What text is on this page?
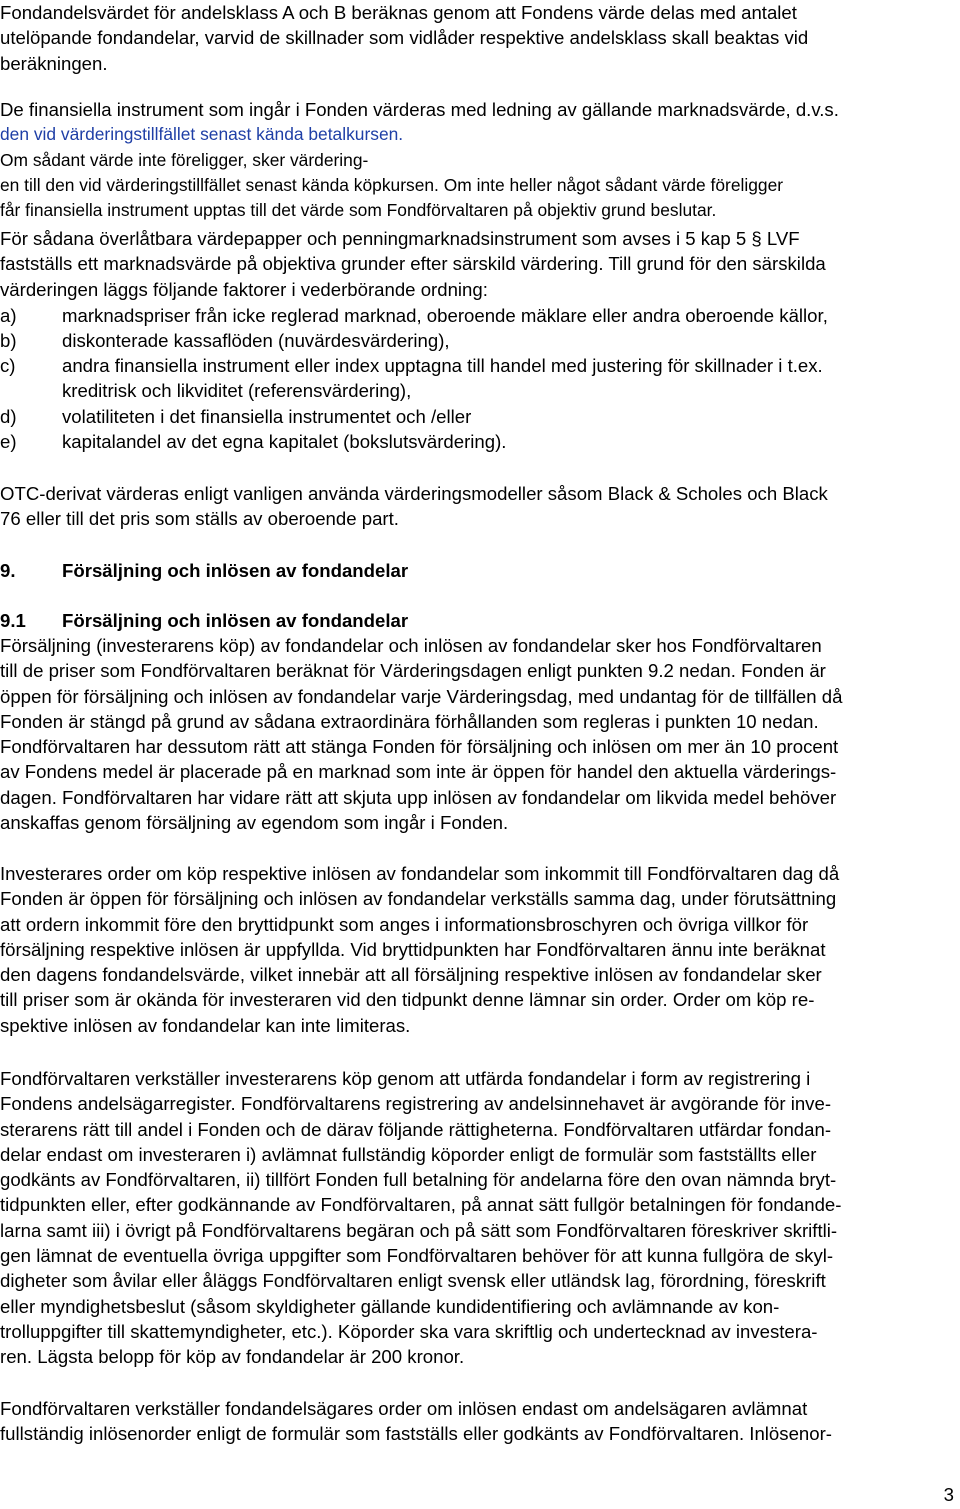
Fondandelsvärdet för andelsklass A och B beräknas genom att Fondens värde delas med antalet
utelöpande fondandelar, varvid de skillnader som vidlåder respektive andelsklass skall beaktas vid
beräkningen.
De finansiella instrument som ingår i Fonden värderas med ledning av gällande marknadsvärde, d.v.s.
den vid värderingstillfället senast kända betalkursen.
Om sådant värde inte föreligger, sker värdering-
en till den vid värderingstillfället senast kända köpkursen. Om inte heller något sådant värde föreligger
får finansiella instrument upptas till det värde som Fondförvaltaren på objektiv grund beslutar.
För sådana överlåtbara värdepapper och penningmarknadsinstrument som avses i 5 kap 5 § LVF
fastställs ett marknadsvärde på objektiva grunder efter särskild värdering. Till grund för den särskilda
värderingen läggs följande faktorer i vederbörande ordning:
a) marknadspriser från icke reglerad marknad, oberoende mäklare eller andra oberoende källor,
b) diskonterade kassaflöden (nuvärdesvärdering),
c)	andra finansiella instrument eller index upptagna till handel med justering för skillnader i t.ex.
kreditrisk och likviditet (referensvärdering),
d) volatiliteten i det finansiella instrumentet och /eller
e) kapitalandel av det egna kapitalet (bokslutsvärdering).
OTC-derivat värderas enligt vanligen använda värderingsmodeller såsom Black & Scholes och Black
76 eller till det pris som ställs av oberoende part.
9. Försäljning och inlösen av fondandelar
9.1 Försäljning och inlösen av fondandelar
Försäljning (investerarens köp) av fondandelar och inlösen av fondandelar sker hos Fondförvaltaren
till de priser som Fondförvaltaren beräknat för Värderingsdagen enligt punkten 9.2 nedan. Fonden är
öppen för försäljning och inlösen av fondandelar varje Värderingsdag, med undantag för de tillfällen då
Fonden är stängd på grund av sådana extraordinära förhållanden som regleras i punkten 10 nedan.
Fondförvaltaren har dessutom rätt att stänga Fonden för försäljning och inlösen om mer än 10 procent
av Fondens medel är placerade på en marknad som inte är öppen för handel den aktuella värderings-
dagen. Fondförvaltaren har vidare rätt att skjuta upp inlösen av fondandelar om likvida medel behöver
anskaffas genom försäljning av egendom som ingår i Fonden.
Investerares order om köp respektive inlösen av fondandelar som inkommit till Fondförvaltaren dag då
Fonden är öppen för försäljning och inlösen av fondandelar verkställs samma dag, under förutsättning
att ordern inkommit före den bryttidpunkt som anges i informationsbroschyren och övriga villkor för
försäljning respektive inlösen är uppfyllda. Vid bryttidpunkten har Fondförvaltaren ännu inte beräknat
den dagens fondandelsvärde, vilket innebär att all försäljning respektive inlösen av fondandelar sker
till priser som är okända för investeraren vid den tidpunkt denne lämnar sin order. Order om köp re-
spektive inlösen av fondandelar kan inte limiteras.
Fondförvaltaren verkställer investerarens köp genom att utfärda fondandelar i form av registrering i
Fondens andelsägarregister. Fondförvaltarens registrering av andelsinnehavet är avgörande för inve-
sterarens rätt till andel i Fonden och de därav följande rättigheterna. Fondförvaltaren utfärdar fondan-
delar endast om investeraren i) avlämnat fullständig köporder enligt de formulär som fastställts eller
godkänts av Fondförvaltaren, ii) tillfört Fonden full betalning för andelarna före den ovan nämnda bryt-
tidpunkten eller, efter godkännande av Fondförvaltaren, på annat sätt fullgör betalningen för fondande-
larna samt iii) i övrigt på Fondförvaltarens begäran och på sätt som Fondförvaltaren föreskriver skriftli-
gen lämnat de eventuella övriga uppgifter som Fondförvaltaren behöver för att kunna fullgöra de skyl-
digheter som åvilar eller åläggs Fondförvaltaren enligt svensk eller utländsk lag, förordning, föreskrift
eller myndighetsbeslut (såsom skyldigheter gällande kundidentifiering och avlämnande av kon-
trolluppgifter till skattemyndigheter, etc.). Köporder ska vara skriftlig och undertecknad av investera-
ren. Lägsta belopp för köp av fondandelar är 200 kronor.
Fondförvaltaren verkställer fondandelsägares order om inlösen endast om andelsägaren avlämnat
fullständig inlösenorder enligt de formulär som fastställs eller godkänts av Fondförvaltaren. Inlösenor-
3
